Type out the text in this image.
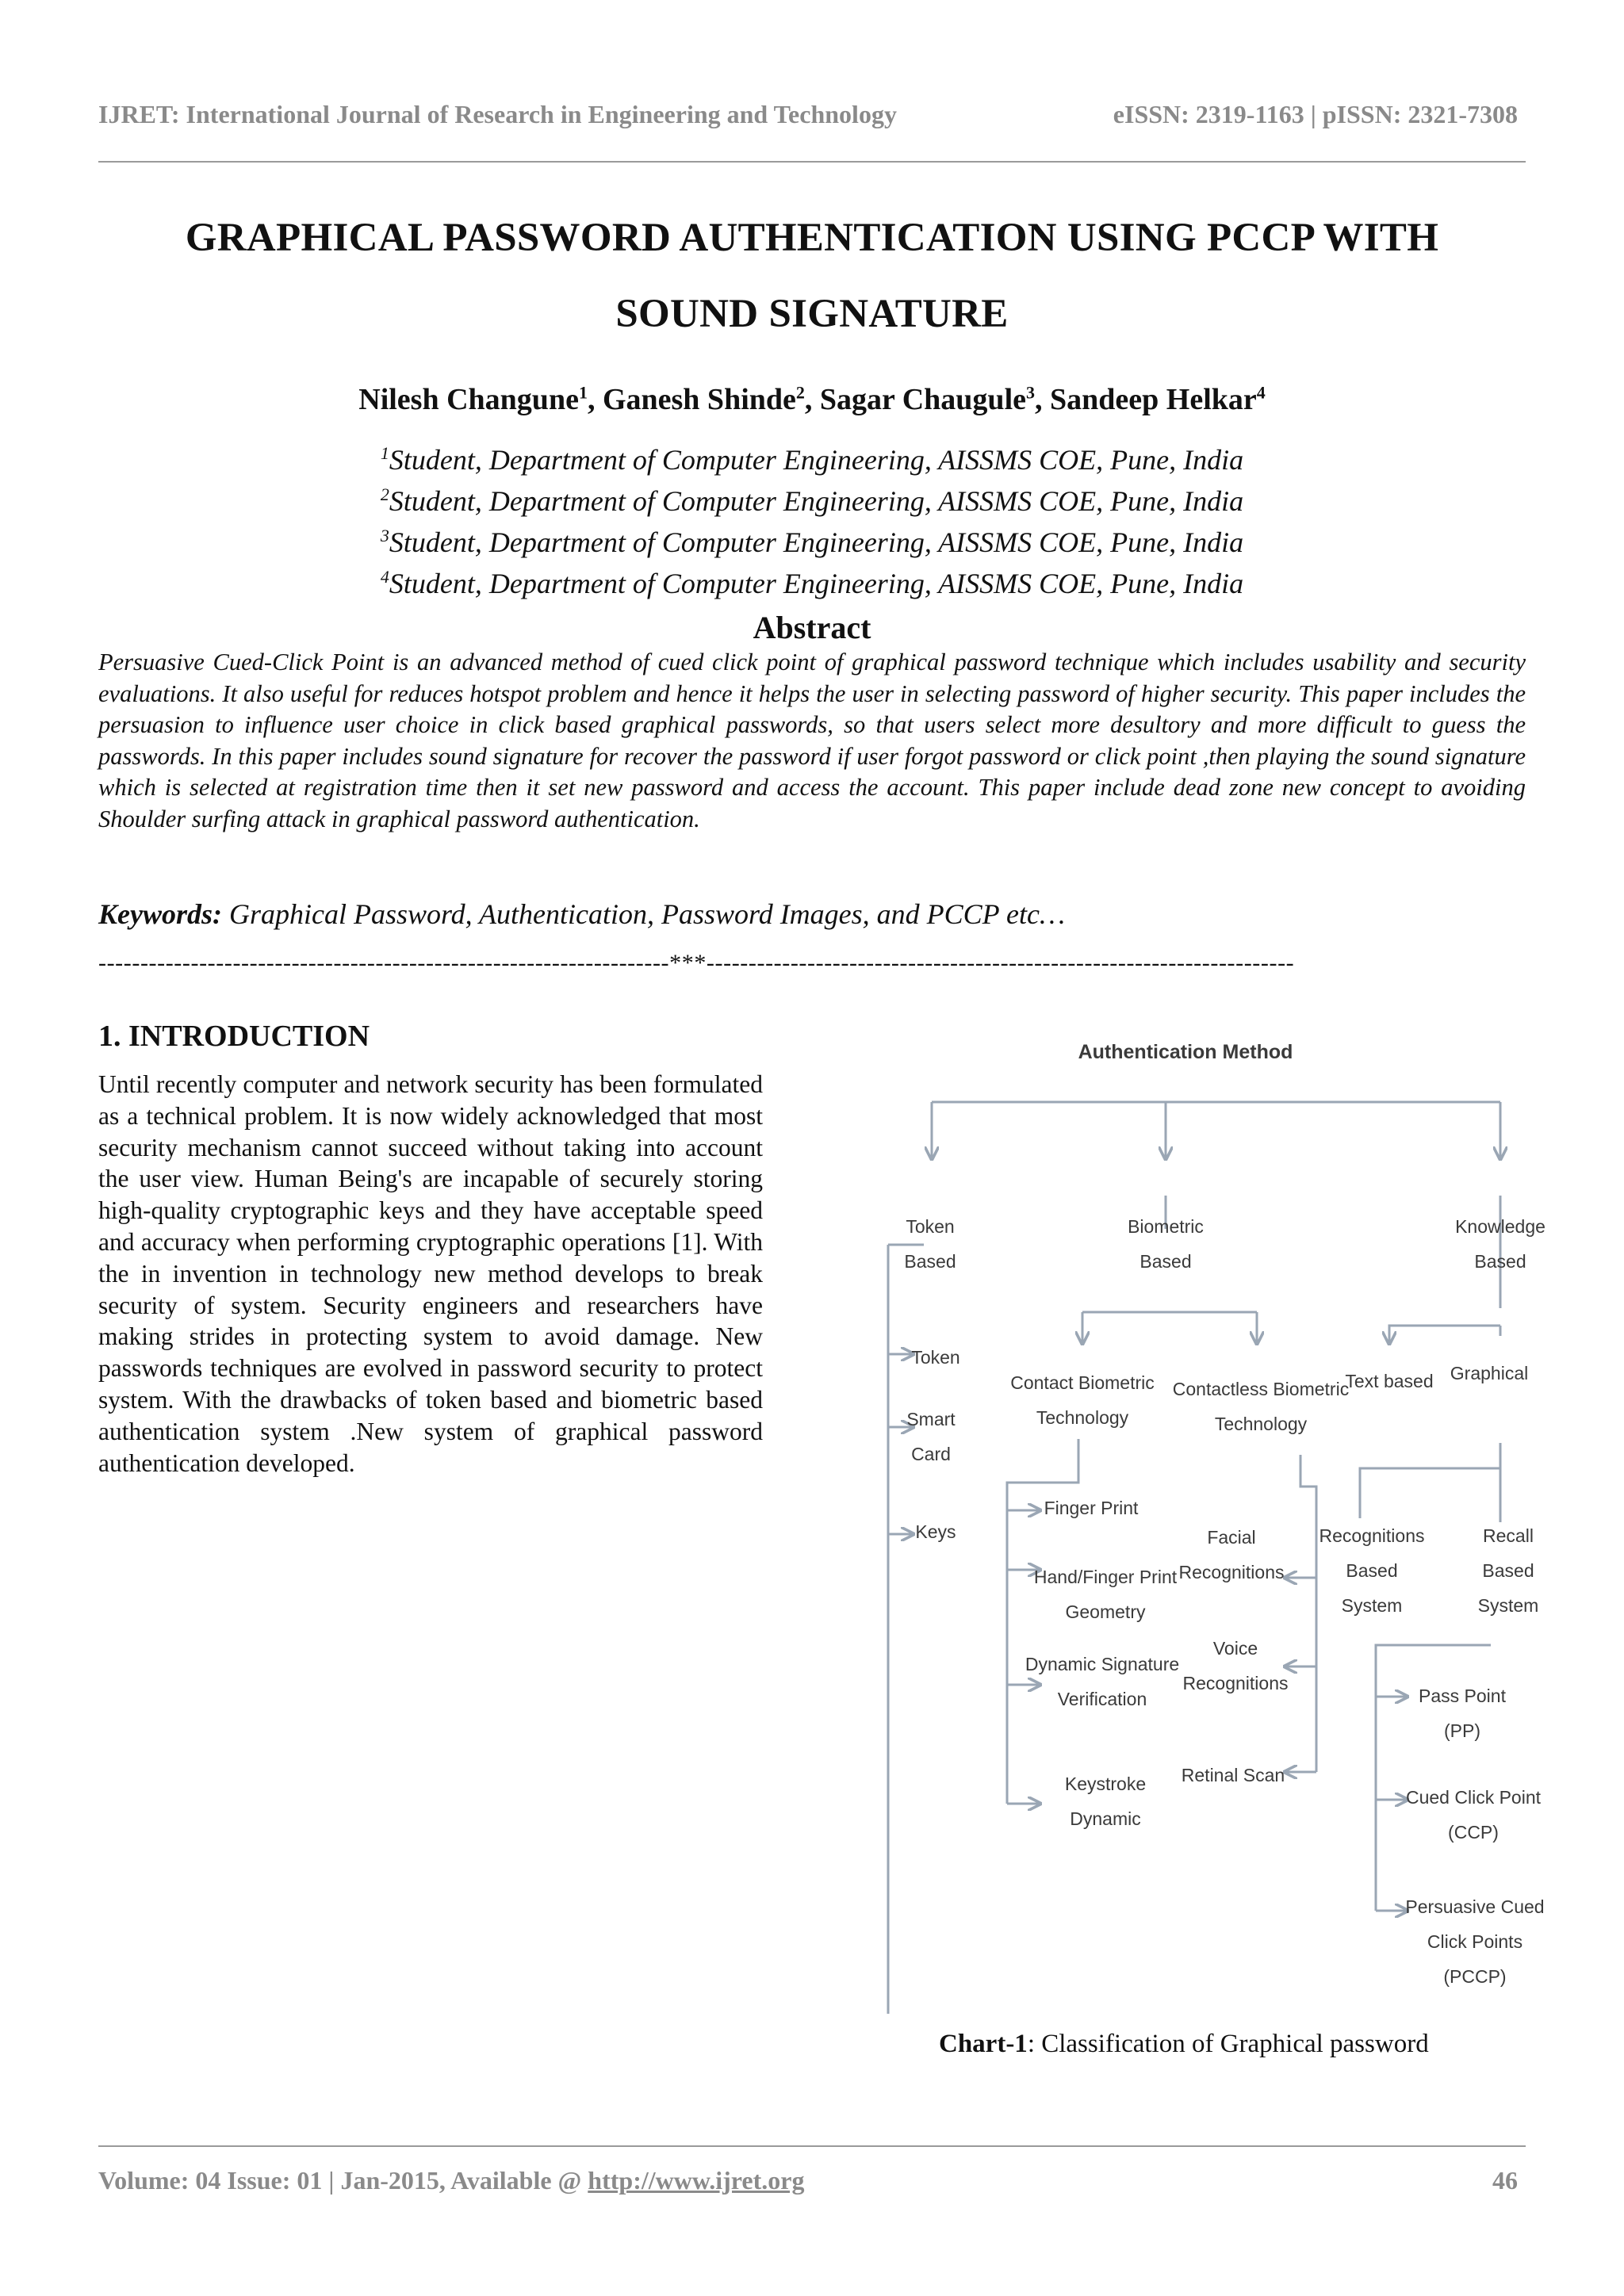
IJRET: International Journal of Research in Engineering and Technology	eISSN: 2319-1163 | pISSN: 2321-7308
GRAPHICAL PASSWORD AUTHENTICATION USING PCCP WITH
SOUND SIGNATURE
Nilesh Changune$^1$, Ganesh Shinde$^2$, Sagar Chaugule$^3$, Sandeep Helkar$^4$
$^1$Student, Department of Computer Engineering, AISSMS COE, Pune, India
$^2$Student, Department of Computer Engineering, AISSMS COE, Pune, India
$^3$Student, Department of Computer Engineering, AISSMS COE, Pune, India
$^4$Student, Department of Computer Engineering, AISSMS COE, Pune, India
Abstract
Persuasive Cued-Click Point is an advanced method of cued click point of graphical password technique which includes usability and security evaluations. It also useful for reduces hotspot problem and hence it helps the user in selecting password of higher security. This paper includes the persuasion to influence user choice in click based graphical passwords, so that users select more desultory and more difficult to guess the passwords. In this paper includes sound signature for recover the password if user forgot password or click point ,then playing the sound signature which is selected at registration time then it set new password and access the account. This paper include dead zone new concept to avoiding Shoulder surfing attack in graphical password authentication.
Keywords: Graphical Password, Authentication, Password Images, and PCCP etc…
--------------------------------------------------------------------***----------------------------------------------------------------------
1. INTRODUCTION
Until recently computer and network security has been formulated as a technical problem. It is now widely acknowledged that most security mechanism cannot succeed without taking into account the user view. Human Being's are incapable of securely storing high-quality cryptographic keys and they have acceptable speed and accuracy when performing cryptographic operations [1]. With the in invention in technology new method develops to break security of system. Security engineers and researchers have making strides in protecting system to avoid damage. New passwords techniques are evolved in password security to protect system. With the drawbacks of token based and biometric based authentication system .New system of graphical password authentication developed.
Authentication Method
Token Based
Biometric Based
Knowledge Based
Token
Smart Card
Keys
Contact Biometric Technology
Contactless Biometric Technology
Finger Print
Hand/Finger Print Geometry
Dynamic Signature Verification
Keystroke Dynamic
Facial Recognitions
Voice Recognitions
Retinal Scan
Text based Graphical
Recognitions Based System
Recall Based System
Pass Point (PP)
Cued Click Point (CCP)
Persuasive Cued Click Points (PCCP)
Chart-1: Classification of Graphical password
Volume: 04 Issue: 01 | Jan-2015, Available @ http://www.ijret.org	46
